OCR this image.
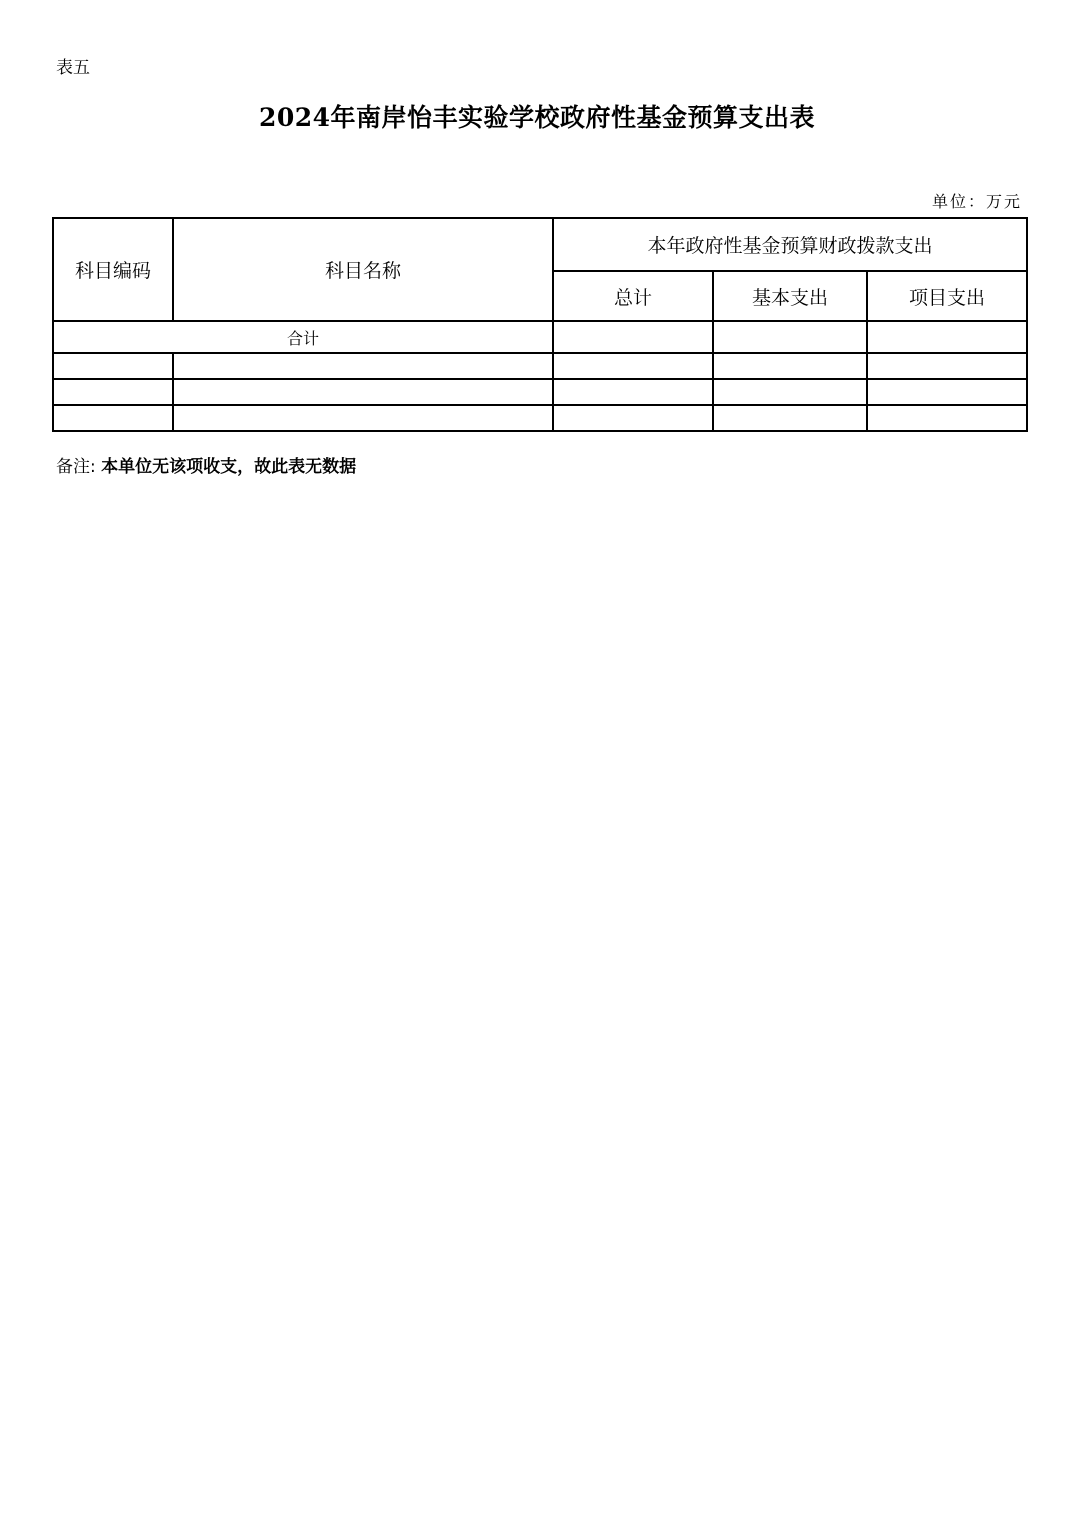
表五
2024年南岸怡丰实验学校政府性基金预算支出表
单位：万元
科目编码	科目名称	本年政府性基金预算财政拨款支出		
		总计	基本支出	项目支出
合计				

备注: 本单位无该项收支，故此表无数据
